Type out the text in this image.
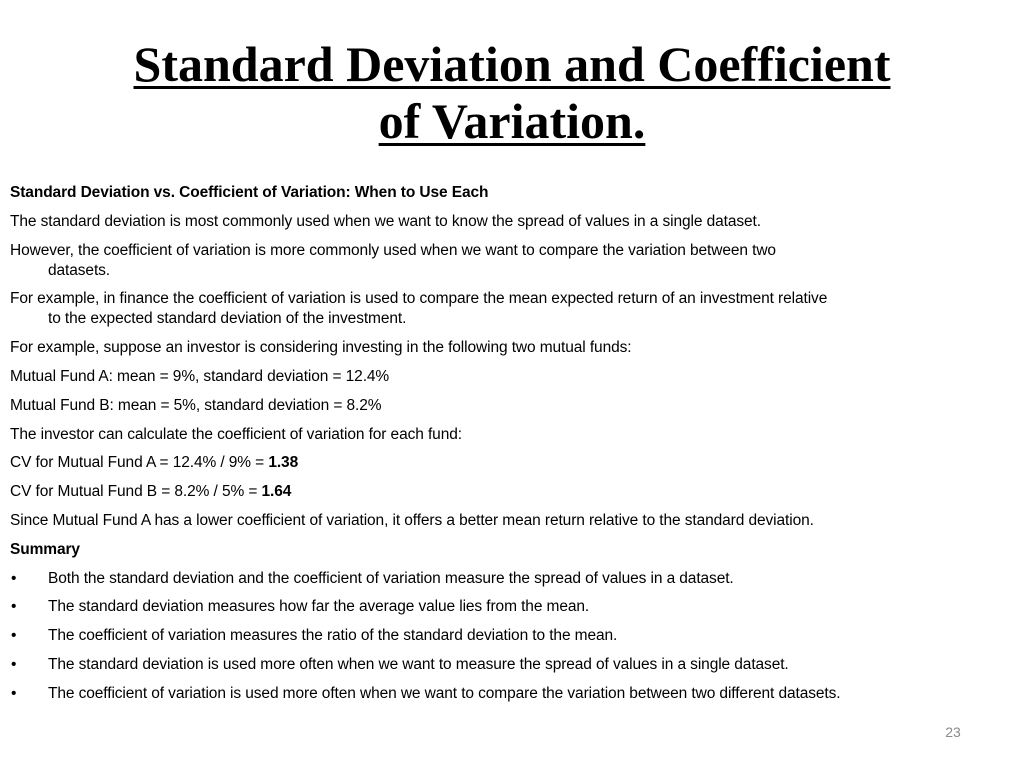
Standard Deviation and Coefficient
of Variation.

Standard Deviation vs. Coefficient of Variation: When to Use Each

The standard deviation is most commonly used when we want to know the spread of values in a single dataset.

However, the coefficient of variation is more commonly used when we want to compare the variation between two
datasets.

For example, in finance the coefficient of variation is used to compare the mean expected return of an investment relative
to the expected standard deviation of the investment.

For example, suppose an investor is considering investing in the following two mutual funds:

Mutual Fund A: mean = 9%, standard deviation = 12.4%

Mutual Fund B: mean = 5%, standard deviation = 8.2%

The investor can calculate the coefficient of variation for each fund:

CV for Mutual Fund A = 12.4% / 9% = 1.38

CV for Mutual Fund B = 8.2% / 5% = 1.64

Since Mutual Fund A has a lower coefficient of variation, it offers a better mean return relative to the standard deviation.

Summary

• Both the standard deviation and the coefficient of variation measure the spread of values in a dataset.

• The standard deviation measures how far the average value lies from the mean.

• The coefficient of variation measures the ratio of the standard deviation to the mean.

• The standard deviation is used more often when we want to measure the spread of values in a single dataset.

• The coefficient of variation is used more often when we want to compare the variation between two different datasets.

23
